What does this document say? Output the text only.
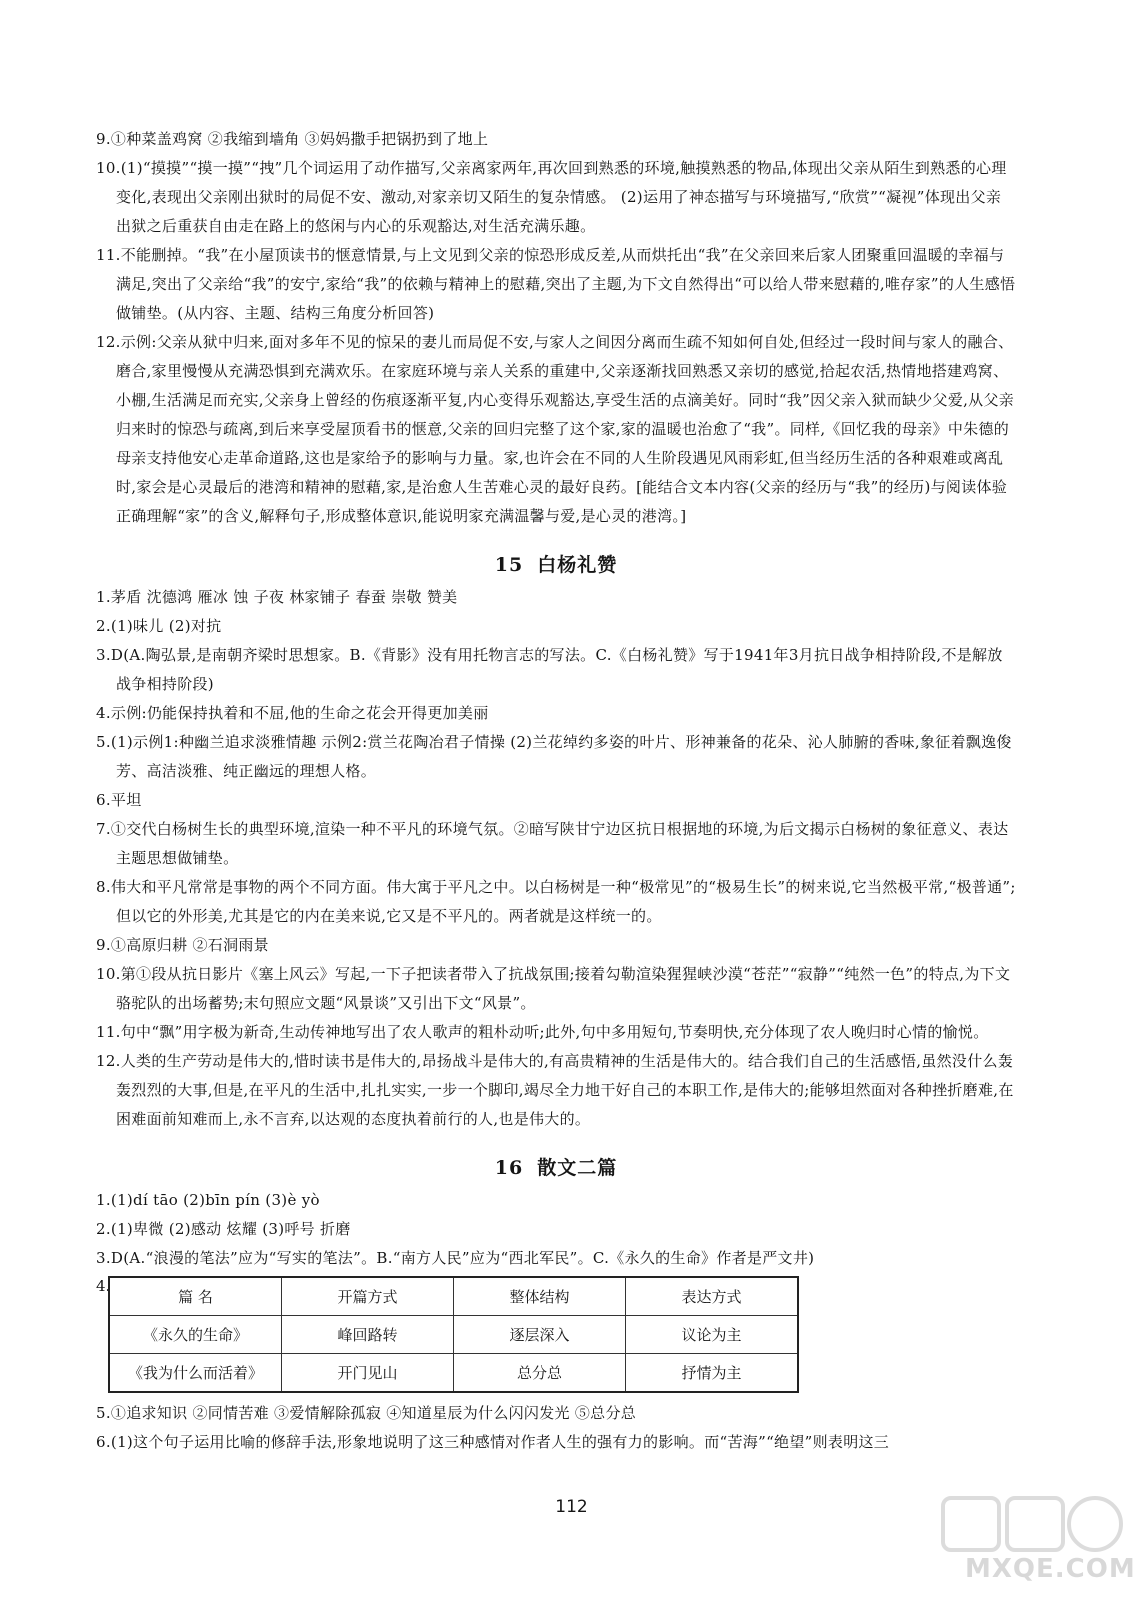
9.①种菜盖鸡窝 ②我缩到墙角 ③妈妈撒手把锅扔到了地上

10.(1)“摸摸”“摸一摸”“拽”几个词运用了动作描写,父亲离家两年,再次回到熟悉的环境,触摸熟悉的物品,体现出父亲从陌生到熟悉的心理变化,表现出父亲刚出狱时的局促不安、激动,对家亲切又陌生的复杂情感。 (2)运用了神态描写与环境描写,“欣赏”“凝视”体现出父亲出狱之后重获自由走在路上的悠闲与内心的乐观豁达,对生活充满乐趣。

11.不能删掉。“我”在小屋顶读书的惬意情景,与上文见到父亲的惊恐形成反差,从而烘托出“我”在父亲回来后家人团聚重回温暖的幸福与满足,突出了父亲给“我”的安宁,家给“我”的依赖与精神上的慰藉,突出了主题,为下文自然得出“可以给人带来慰藉的,唯存家”的人生感悟做铺垫。(从内容、主题、结构三角度分析回答)

12.示例:父亲从狱中归来,面对多年不见的惊呆的妻儿而局促不安,与家人之间因分离而生疏不知如何自处,但经过一段时间与家人的融合、磨合,家里慢慢从充满恐惧到充满欢乐。在家庭环境与亲人关系的重建中,父亲逐渐找回熟悉又亲切的感觉,拾起农活,热情地搭建鸡窝、小棚,生活满足而充实,父亲身上曾经的伤痕逐渐平复,内心变得乐观豁达,享受生活的点滴美好。同时“我”因父亲入狱而缺少父爱,从父亲归来时的惊恐与疏离,到后来享受屋顶看书的惬意,父亲的回归完整了这个家,家的温暖也治愈了“我”。同样,《回忆我的母亲》中朱德的母亲支持他安心走革命道路,这也是家给予的影响与力量。家,也许会在不同的人生阶段遇见风雨彩虹,但当经历生活的各种艰难或离乱时,家会是心灵最后的港湾和精神的慰藉,家,是治愈人生苦难心灵的最好良药。[能结合文本内容(父亲的经历与“我”的经历)与阅读体验正确理解“家”的含义,解释句子,形成整体意识,能说明家充满温馨与爱,是心灵的港湾。]

15 白杨礼赞

1.茅盾 沈德鸿 雁冰 蚀 子夜 林家铺子 春蚕 崇敬 赞美

2.(1)味儿 (2)对抗

3.D(A.陶弘景,是南朝齐梁时思想家。B.《背影》没有用托物言志的写法。C.《白杨礼赞》写于1941年3月抗日战争相持阶段,不是解放战争相持阶段)

4.示例:仍能保持执着和不屈,他的生命之花会开得更加美丽

5.(1)示例1:种幽兰追求淡雅情趣 示例2:赏兰花陶冶君子情操 (2)兰花绰约多姿的叶片、形神兼备的花朵、沁人肺腑的香味,象征着飘逸俊芳、高洁淡雅、纯正幽远的理想人格。

6.平坦

7.①交代白杨树生长的典型环境,渲染一种不平凡的环境气氛。②暗写陕甘宁边区抗日根据地的环境,为后文揭示白杨树的象征意义、表达主题思想做铺垫。

8.伟大和平凡常常是事物的两个不同方面。伟大寓于平凡之中。以白杨树是一种“极常见”的“极易生长”的树来说,它当然极平常,“极普通”;但以它的外形美,尤其是它的内在美来说,它又是不平凡的。两者就是这样统一的。

9.①高原归耕 ②石洞雨景

10.第①段从抗日影片《塞上风云》写起,一下子把读者带入了抗战氛围;接着勾勒渲染猩猩峡沙漠“苍茫”“寂静”“纯然一色”的特点,为下文骆驼队的出场蓄势;末句照应文题“风景谈”又引出下文“风景”。

11.句中“飘”用字极为新奇,生动传神地写出了农人歌声的粗朴动听;此外,句中多用短句,节奏明快,充分体现了农人晚归时心情的愉悦。

12.人类的生产劳动是伟大的,惜时读书是伟大的,昂扬战斗是伟大的,有高贵精神的生活是伟大的。结合我们自己的生活感悟,虽然没什么轰轰烈烈的大事,但是,在平凡的生活中,扎扎实实,一步一个脚印,竭尽全力地干好自己的本职工作,是伟大的;能够坦然面对各种挫折磨难,在困难面前知难而上,永不言弃,以达观的态度执着前行的人,也是伟大的。

16 散文二篇

1.(1)dí tāo (2)bīn pín (3)è yò

2.(1)卑微 (2)感动 炫耀 (3)呼号 折磨

3.D(A.“浪漫的笔法”应为“写实的笔法”。B.“南方人民”应为“西北军民”。C.《永久的生命》作者是严文井)

4.
篇 名	开篇方式	整体结构	表达方式
《永久的生命》	峰回路转	逐层深入	议论为主
《我为什么而活着》	开门见山	总分总	抒情为主

5.①追求知识 ②同情苦难 ③爱情解除孤寂 ④知道星辰为什么闪闪发光 ⑤总分总

6.(1)这个句子运用比喻的修辞手法,形象地说明了这三种感情对作者人生的强有力的影响。而“苦海”“绝望”则表明这三

112
MXQE.COM
